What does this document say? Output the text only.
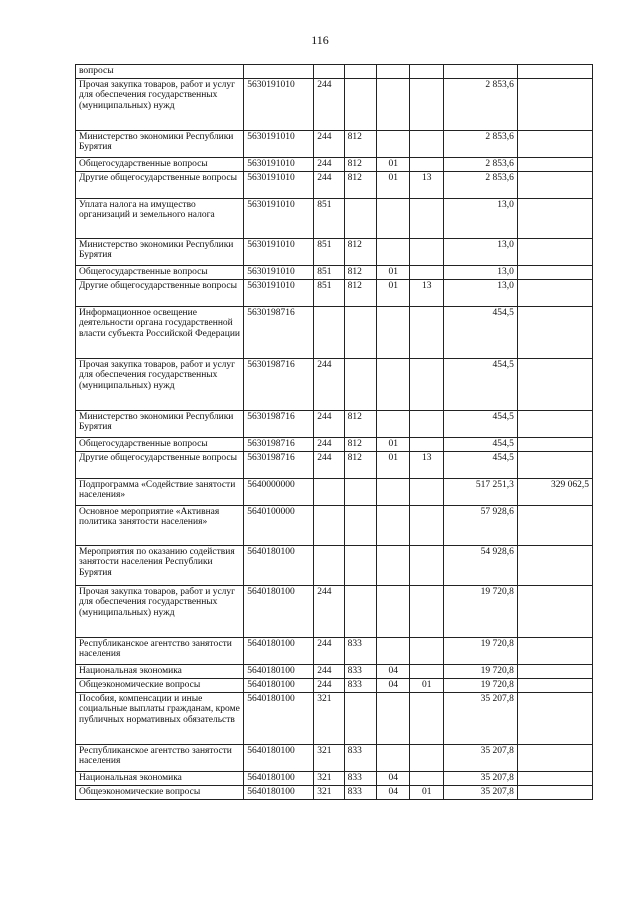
116
вопросы							
Прочая закупка товаров, работ и услуг для обеспечения государственных (муниципальных) нужд	5630191010	244				2 853,6	
Министерство экономики Республики Бурятия	5630191010	244	812			2 853,6	
Общегосударственные вопросы	5630191010	244	812	01		2 853,6	
Другие общегосударственные вопросы	5630191010	244	812	01	13	2 853,6	
Уплата налога на имущество организаций и земельного налога	5630191010	851				13,0	
Министерство экономики Республики Бурятия	5630191010	851	812			13,0	
Общегосударственные вопросы	5630191010	851	812	01		13,0	
Другие общегосударственные вопросы	5630191010	851	812	01	13	13,0	
Информационное освещение деятельности органа государственной власти субъекта Российской Федерации	5630198716					454,5	
Прочая закупка товаров, работ и услуг для обеспечения государственных (муниципальных) нужд	5630198716	244				454,5	
Министерство экономики Республики Бурятия	5630198716	244	812			454,5	
Общегосударственные вопросы	5630198716	244	812	01		454,5	
Другие общегосударственные вопросы	5630198716	244	812	01	13	454,5	
Подпрограмма «Содействие занятости населения»	5640000000					517 251,3	329 062,5
Основное мероприятие «Активная политика занятости населения»	5640100000					57 928,6	
Мероприятия по оказанию содействия занятости населения Республики Бурятия	5640180100					54 928,6	
Прочая закупка товаров, работ и услуг для обеспечения государственных (муниципальных) нужд	5640180100	244				19 720,8	
Республиканское агентство занятости населения	5640180100	244	833			19 720,8	
Национальная экономика	5640180100	244	833	04		19 720,8	
Общеэкономические вопросы	5640180100	244	833	04	01	19 720,8	
Пособия, компенсации и иные социальные выплаты гражданам, кроме публичных нормативных обязательств	5640180100	321				35 207,8	
Республиканское агентство занятости населения	5640180100	321	833			35 207,8	
Национальная экономика	5640180100	321	833	04		35 207,8	
Общеэкономические вопросы	5640180100	321	833	04	01	35 207,8	
